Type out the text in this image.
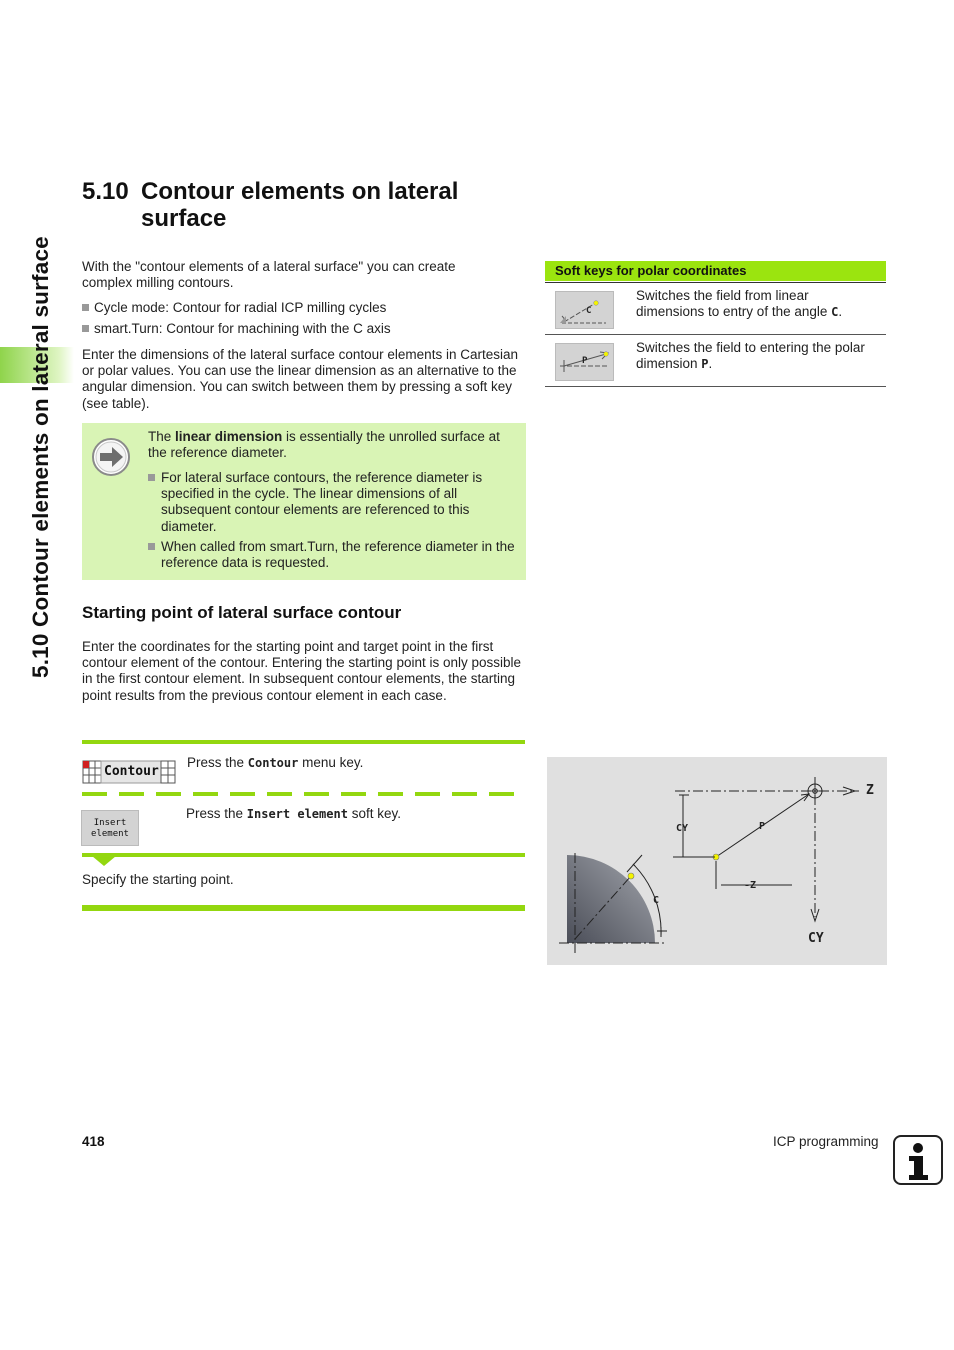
5.10 Contour elements on lateral surface
5.10 Contour elements on lateral surface
With the "contour elements of a lateral surface" you can create complex milling contours.
Cycle mode: Contour for radial ICP milling cycles
smart.Turn: Contour for machining with the C axis
Enter the dimensions of the lateral surface contour elements in Cartesian or polar values. You can use the linear dimension as an alternative to the angular dimension. You can switch between them by pressing a soft key (see table).
The linear dimension is essentially the unrolled surface at the reference diameter.
For lateral surface contours, the reference diameter is specified in the cycle. The linear dimensions of all subsequent contour elements are referenced to this diameter.
When called from smart.Turn, the reference diameter in the reference data is requested.
Starting point of lateral surface contour
Enter the coordinates for the starting point and target point in the first contour element of the contour. Entering the starting point is only possible in the first contour element. In subsequent contour elements, the starting point results from the previous contour element in each case.
Contour
Press the Contour menu key.
Insert
element
Press the Insert element soft key.
Specify the starting point.
Soft keys for polar coordinates
C
Switches the field from linear dimensions to entry of the angle C.
P
Switches the field to entering the polar dimension P.
Z
CY
CY	P
-Z
C
418	ICP programming
